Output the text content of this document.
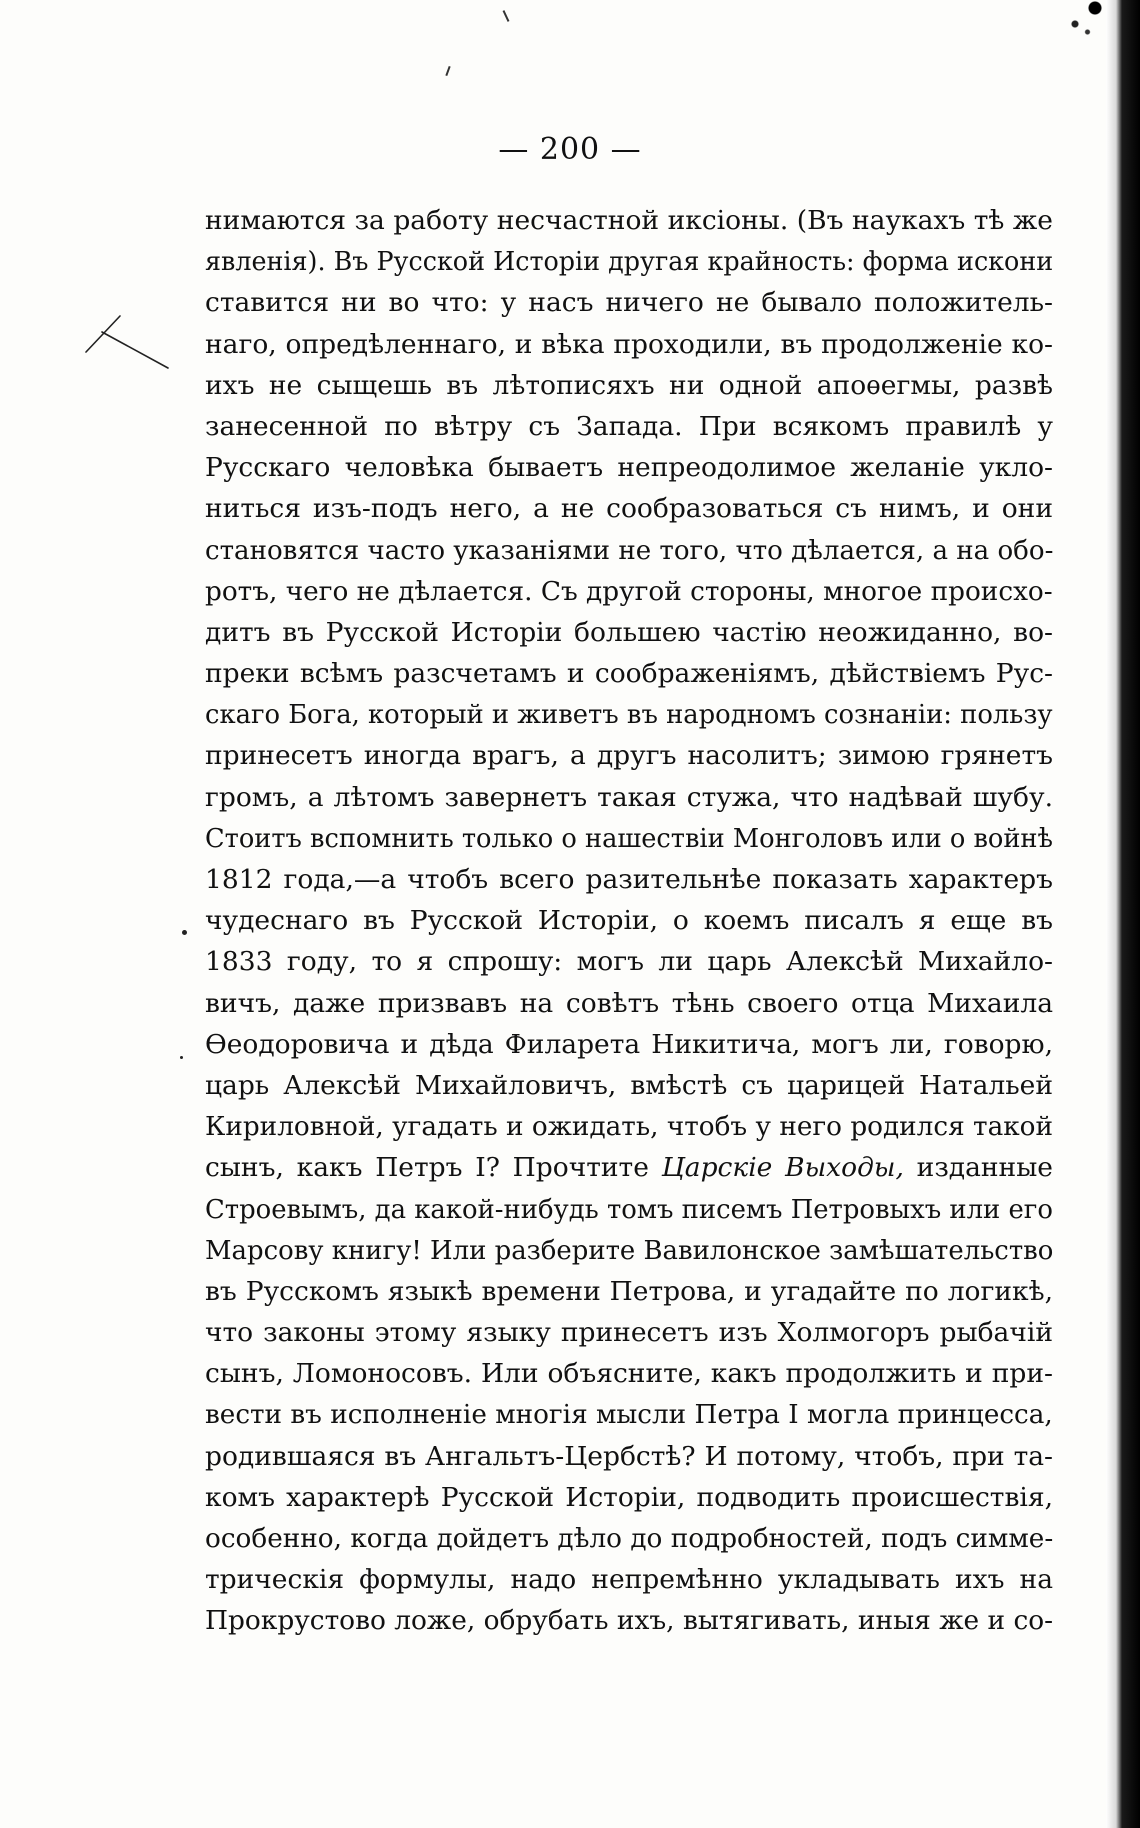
— 200 —
нимаются за работу несчастной иксіоны. (Въ наукахъ тѣ же
явленія). Въ Русской Исторіи другая крайность: форма искони
ставится ни во что: у насъ ничего не бывало положитель-
наго, опредѣленнаго, и вѣка проходили, въ продолженіе ко-
ихъ не сыщешь въ лѣтописяхъ ни одной апоѳегмы, развѣ
занесенной по вѣтру съ Запада. При всякомъ правилѣ у
Русскаго человѣка бываетъ непреодолимое желаніе укло-
ниться изъ-подъ него, а не сообразоваться съ нимъ, и они
становятся часто указаніями не того, что дѣлается, а на обо-
ротъ, чего не дѣлается. Съ другой стороны, многое происхо-
дитъ въ Русской Исторіи большею частію неожиданно, во-
преки всѣмъ разсчетамъ и соображеніямъ, дѣйствіемъ Рус-
скаго Бога, который и живетъ въ народномъ сознаніи: пользу
принесетъ иногда врагъ, а другъ насолитъ; зимою грянетъ
громъ, а лѣтомъ завернетъ такая стужа, что надѣвай шубу.
Стоитъ вспомнить только о нашествіи Монголовъ или о войнѣ
1812 года,—а чтобъ всего разительнѣе показать характеръ
чудеснаго въ Русской Исторіи, о коемъ писалъ я еще въ
1833 году, то я спрошу: могъ ли царь Алексѣй Михайло-
вичъ, даже призвавъ на совѣтъ тѣнь своего отца Михаила
Ѳеодоровича и дѣда Филарета Никитича, могъ ли, говорю,
царь Алексѣй Михайловичъ, вмѣстѣ съ царицей Натальей
Кириловной, угадать и ожидать, чтобъ у него родился такой
сынъ, какъ Петръ I? Прочтите Царскіе Выходы, изданные
Строевымъ, да какой-нибудь томъ писемъ Петровыхъ или его
Марсову книгу! Или разберите Вавилонское замѣшательство
въ Русскомъ языкѣ времени Петрова, и угадайте по логикѣ,
что законы этому языку принесетъ изъ Холмогоръ рыбачій
сынъ, Ломоносовъ. Или объясните, какъ продолжить и при-
вести въ исполненіе многія мысли Петра I могла принцесса,
родившаяся въ Ангальтъ-Цербстѣ? И потому, чтобъ, при та-
комъ характерѣ Русской Исторіи, подводить происшествія,
особенно, когда дойдетъ дѣло до подробностей, подъ симме-
трическія формулы, надо непремѣнно укладывать ихъ на
Прокрустово ложе, обрубать ихъ, вытягивать, иныя же и со-
